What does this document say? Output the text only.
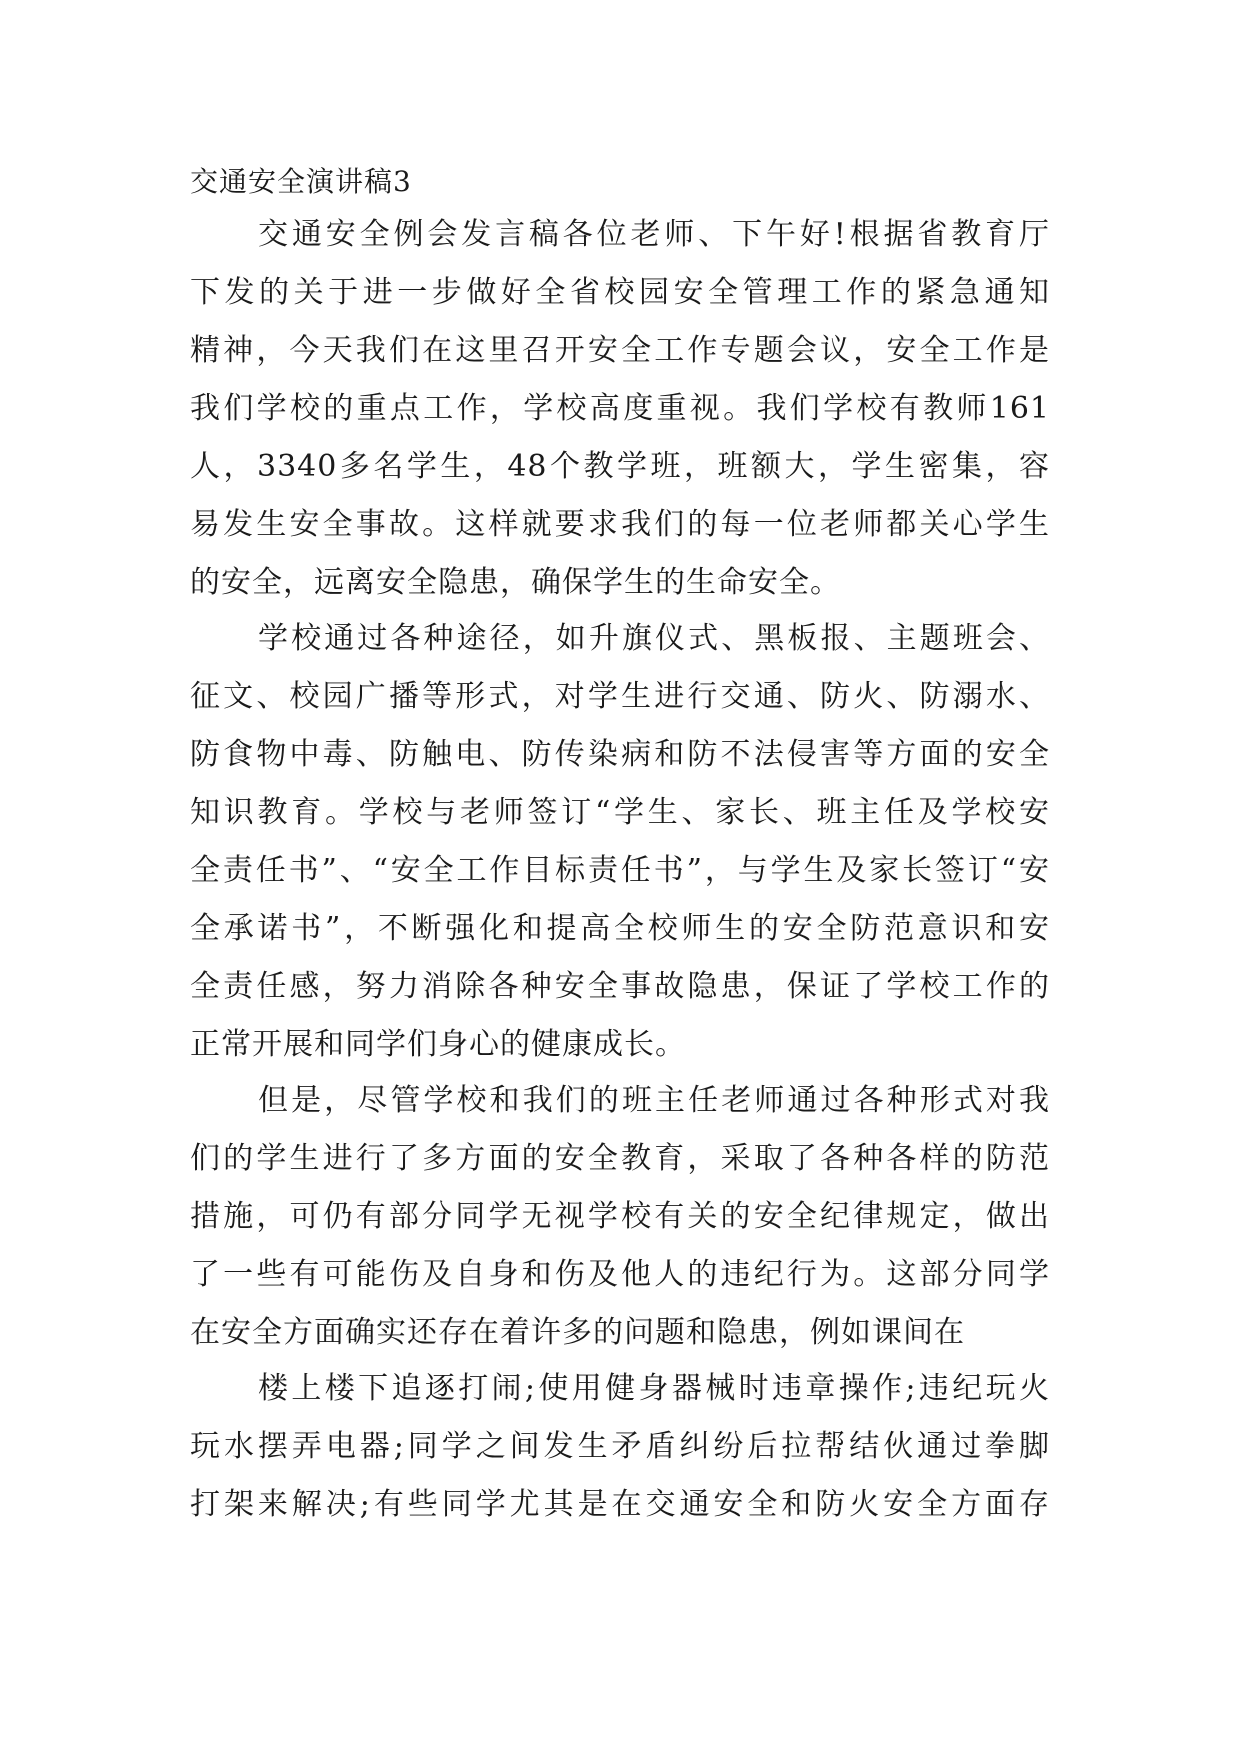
交通安全演讲稿3
交通安全例会发言稿各位老师、下午好!根据省教育厅
下发的关于进一步做好全省校园安全管理工作的紧急通知
精神，今天我们在这里召开安全工作专题会议，安全工作是
我们学校的重点工作，学校高度重视。我们学校有教师161
人，3340多名学生，48个教学班，班额大，学生密集，容
易发生安全事故。这样就要求我们的每一位老师都关心学生
的安全，远离安全隐患，确保学生的生命安全。
学校通过各种途径，如升旗仪式、黑板报、主题班会、
征文、校园广播等形式，对学生进行交通、防火、防溺水、
防食物中毒、防触电、防传染病和防不法侵害等方面的安全
知识教育。学校与老师签订“学生、家长、班主任及学校安
全责任书”、“安全工作目标责任书”，与学生及家长签订“安
全承诺书”，不断强化和提高全校师生的安全防范意识和安
全责任感，努力消除各种安全事故隐患，保证了学校工作的
正常开展和同学们身心的健康成长。
但是，尽管学校和我们的班主任老师通过各种形式对我
们的学生进行了多方面的安全教育，采取了各种各样的防范
措施，可仍有部分同学无视学校有关的安全纪律规定，做出
了一些有可能伤及自身和伤及他人的违纪行为。这部分同学
在安全方面确实还存在着许多的问题和隐患，例如课间在
楼上楼下追逐打闹;使用健身器械时违章操作;违纪玩火
玩水摆弄电器;同学之间发生矛盾纠纷后拉帮结伙通过拳脚
打架来解决;有些同学尤其是在交通安全和防火安全方面存
